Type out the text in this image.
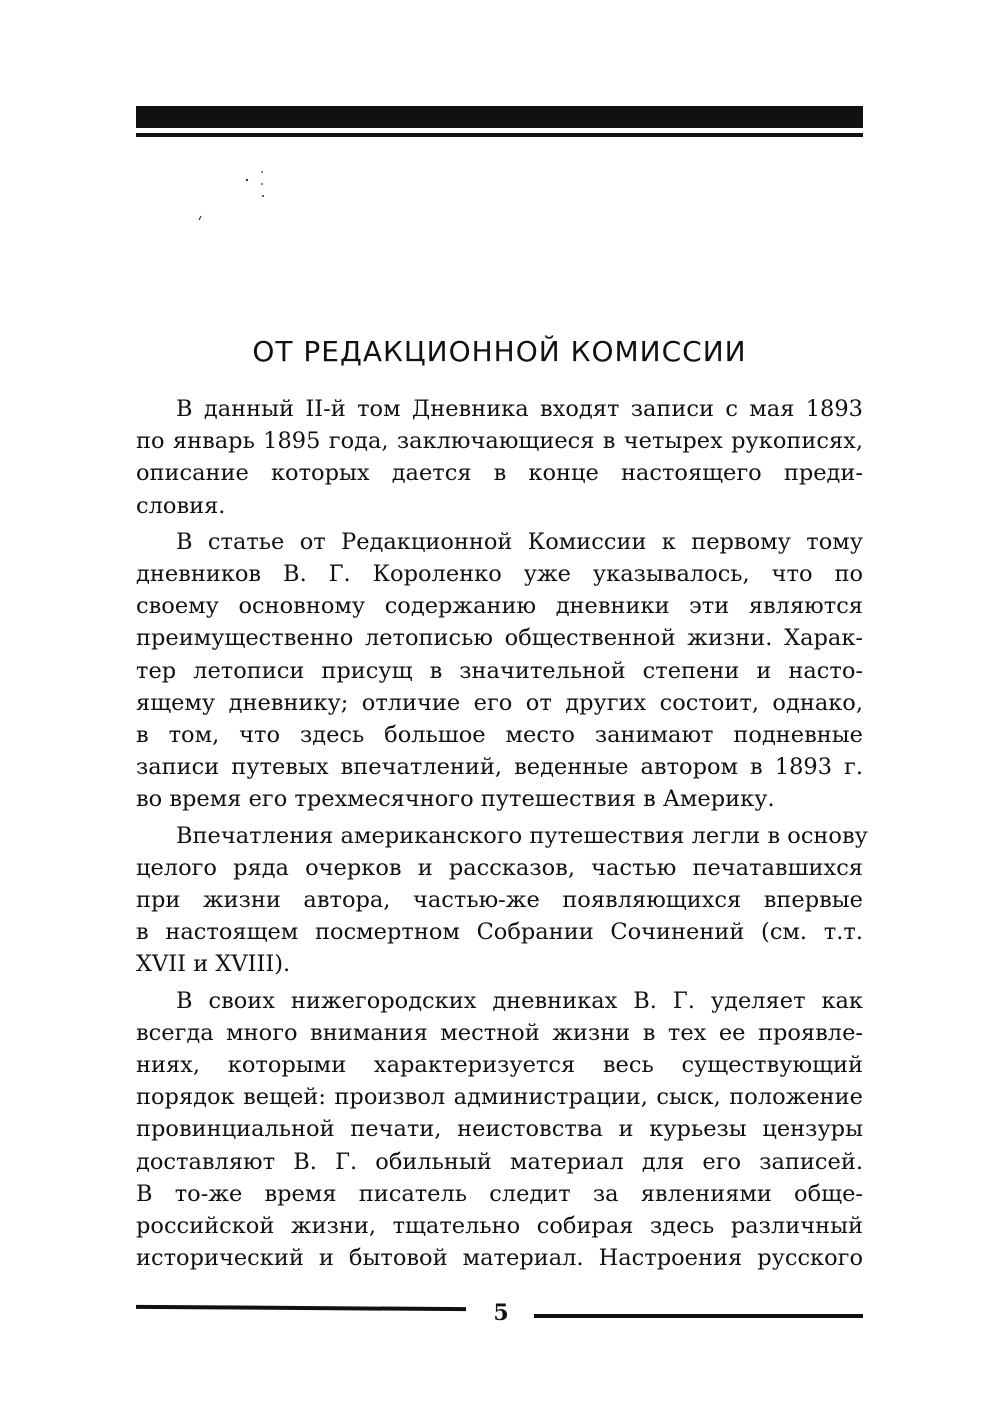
ОТ РЕДАКЦИОННОЙ КОМИССИИ
В данный II-й том Дневника входят записи с мая 1893
по январь 1895 года, заключающиеся в четырех рукописях,
описание которых дается в конце настоящего преди-
словия.
В статье от Редакционной Комиссии к первому тому
дневников В. Г. Короленко уже указывалось, что по
своему основному содержанию дневники эти являются
преимущественно летописью общественной жизни. Харак-
тер летописи присущ в значительной степени и насто-
ящему дневнику; отличие его от других состоит, однако,
в том, что здесь большое место занимают подневные
записи путевых впечатлений, веденные автором в 1893 г.
во время его трехмесячного путешествия в Америку.
Впечатления американского путешествия легли в основу
целого ряда очерков и рассказов, частью печатавшихся
при жизни автора, частью-же появляющихся впервые
в настоящем посмертном Собрании Сочинений (см. т.т.
XVII и XVIII).
В своих нижегородских дневниках В. Г. уделяет как
всегда много внимания местной жизни в тех ее проявле-
ниях, которыми характеризуется весь существующий
порядок вещей: произвол администрации, сыск, положение
провинциальной печати, неистовства и курьезы цензуры
доставляют В. Г. обильный материал для его записей.
В то-же время писатель следит за явлениями обще-
российской жизни, тщательно собирая здесь различный
исторический и бытовой материал. Настроения русского
5
